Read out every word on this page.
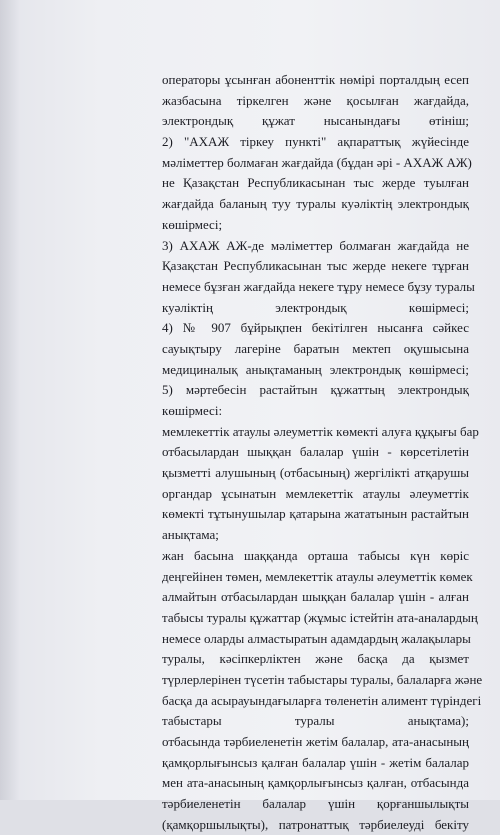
операторы ұсынған абоненттік нөмірі порталдың есеп
жазбасына тіркелген және қосылған жағдайда,
электрондық құжат нысанындағы өтініш;
2) "АХАЖ тіркеу пункті" ақпараттық жүйесінде
мәліметтер болмаған жағдайда (бұдан әрі - АХАЖ АЖ)
не Қазақстан Республикасынан тыс жерде туылған
жағдайда баланың туу туралы куәліктің электрондық
көшірмесі;
3) АХАЖ АЖ-де мәліметтер болмаған жағдайда не
Қазақстан Республикасынан тыс жерде некеге тұрған
немесе бұзған жағдайда некеге тұру немесе бұзу туралы
куәліктің электрондық көшірмесі;
4) № 907 бұйрықпен бекітілген нысанға сәйкес
сауықтыру лагеріне баратын мектеп оқушысына
медициналық анықтаманың электрондық көшірмесі;
5) мәртебесін растайтын құжаттың электрондық
көшірмесі:
мемлекеттік атаулы әлеуметтік көмекті алуға құқығы бар
отбасылардан шыққан балалар үшін - көрсетілетін
қызметті алушының (отбасының) жергілікті атқарушы
органдар ұсынатын мемлекеттік атаулы әлеуметтік
көмекті тұтынушылар қатарына жататынын растайтын
анықтама;
жан басына шаққанда орташа табысы күн көріс
деңгейінен төмен, мемлекеттік атаулы әлеуметтік көмек
алмайтын отбасылардан шыққан балалар үшін - алған
табысы туралы құжаттар (жұмыс істейтін ата-аналардың
немесе оларды алмастыратын адамдардың жалақылары
туралы, кәсіпкерліктен және басқа да қызмет
түрлерлерінен түсетін табыстары туралы, балаларға және
басқа да асырауындағыларға төленетін алимент түріндегі
табыстары туралы анықтама);
отбасында тәрбиеленетін жетім балалар, ата-анасының
қамқорлығынсыз қалған балалар үшін - жетім балалар
мен ата-анасының қамқорлығынсыз қалған, отбасында
тәрбиеленетін балалар үшін қорғаншылықты
(қамқоршылықты), патронаттық тәрбиелеуді бекіту
